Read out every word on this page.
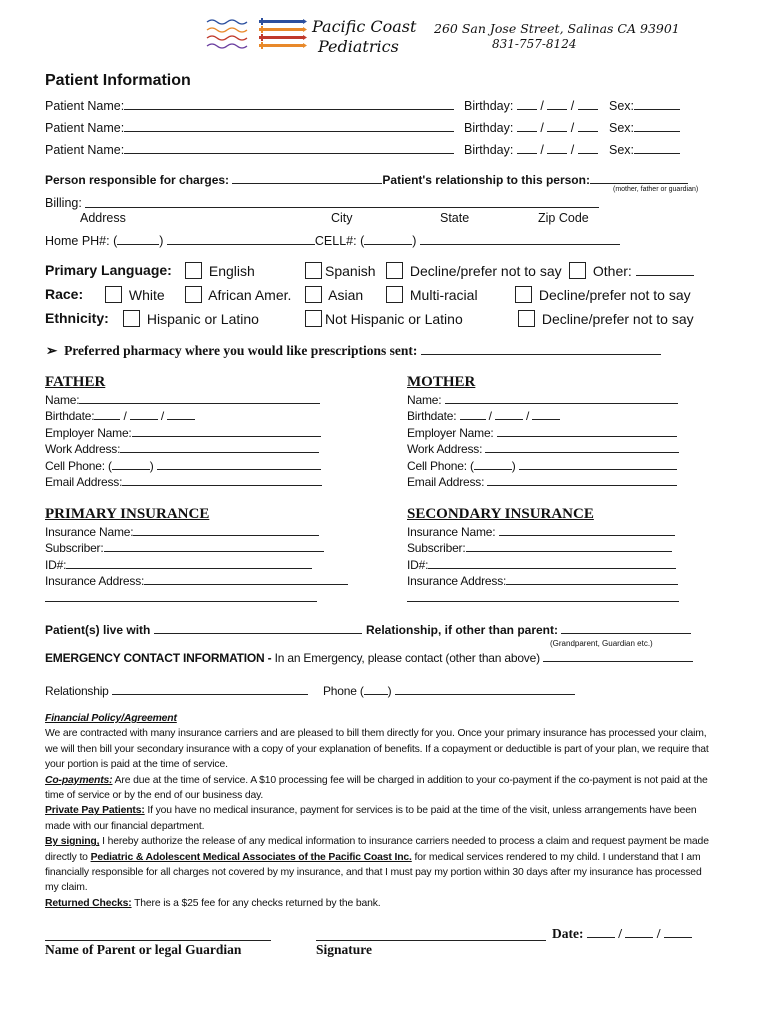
Pacific Coast
Pediatrics
260 San Jose Street, Salinas CA 93901
831-757-8124
Patient Information
Patient Name:	Birthday: / /	Sex:
Patient Name:	Birthday: / /	Sex:
Patient Name:	Birthday: / /	Sex:
Person responsible for charges:	Patient's relationship to this person:
(mother, father or guardian)
Billing:
Address	City	State	Zip Code
Home PH#: (	)	CELL#: (	)
Primary Language:	English	Spanish	Decline/prefer not to say	Other:
Race:	White	African Amer.	Asian	Multi-racial	Decline/prefer not to say
Ethnicity:	Hispanic or Latino	Not Hispanic or Latino	Decline/prefer not to say
➢ Preferred pharmacy where you would like prescriptions sent:
FATHER
Name:
Birthdate: /  /
Employer Name:
Work Address:
Cell Phone: (	)
Email Address:
MOTHER
Name:
Birthdate:  /  /
Employer Name:
Work Address:
Cell Phone: (	)
Email Address:
PRIMARY INSURANCE
Insurance Name:
Subscriber:
ID#:
Insurance Address:
SECONDARY INSURANCE
Insurance Name:
Subscriber:
ID#:
Insurance Address:
Patient(s) live with	Relationship, if other than parent:
(Grandparent, Guardian etc.)
EMERGENCY CONTACT INFORMATION - In an Emergency, please contact (other than above)
Relationship	Phone ( )

Financial Policy/Agreement

We are contracted with many insurance carriers and are pleased to bill them directly for you. Once your primary insurance has processed your claim, we will then bill your secondary insurance with a copy of your explanation of benefits. If a copayment or deductible is part of your plan, we require that your portion is paid at the time of service.

Co-payments: Are due at the time of service. A $10 processing fee will be charged in addition to your co-payment if the co-payment is not paid at the time of service or by the end of our business day.

Private Pay Patients: If you have no medical insurance, payment for services is to be paid at the time of the visit, unless arrangements have been made with our financial department.

By signing, I hereby authorize the release of any medical information to insurance carriers needed to process a claim and request payment be made directly to Pediatric & Adolescent Medical Associates of the Pacific Coast Inc. for medical services rendered to my child. I understand that I am financially responsible for all charges not covered by my insurance, and that I must pay my portion within 30 days after my insurance has processed my claim.

Returned Checks: There is a $25 fee for any checks returned by the bank.

Name of Parent or legal Guardian	Signature
Date:  /  /
